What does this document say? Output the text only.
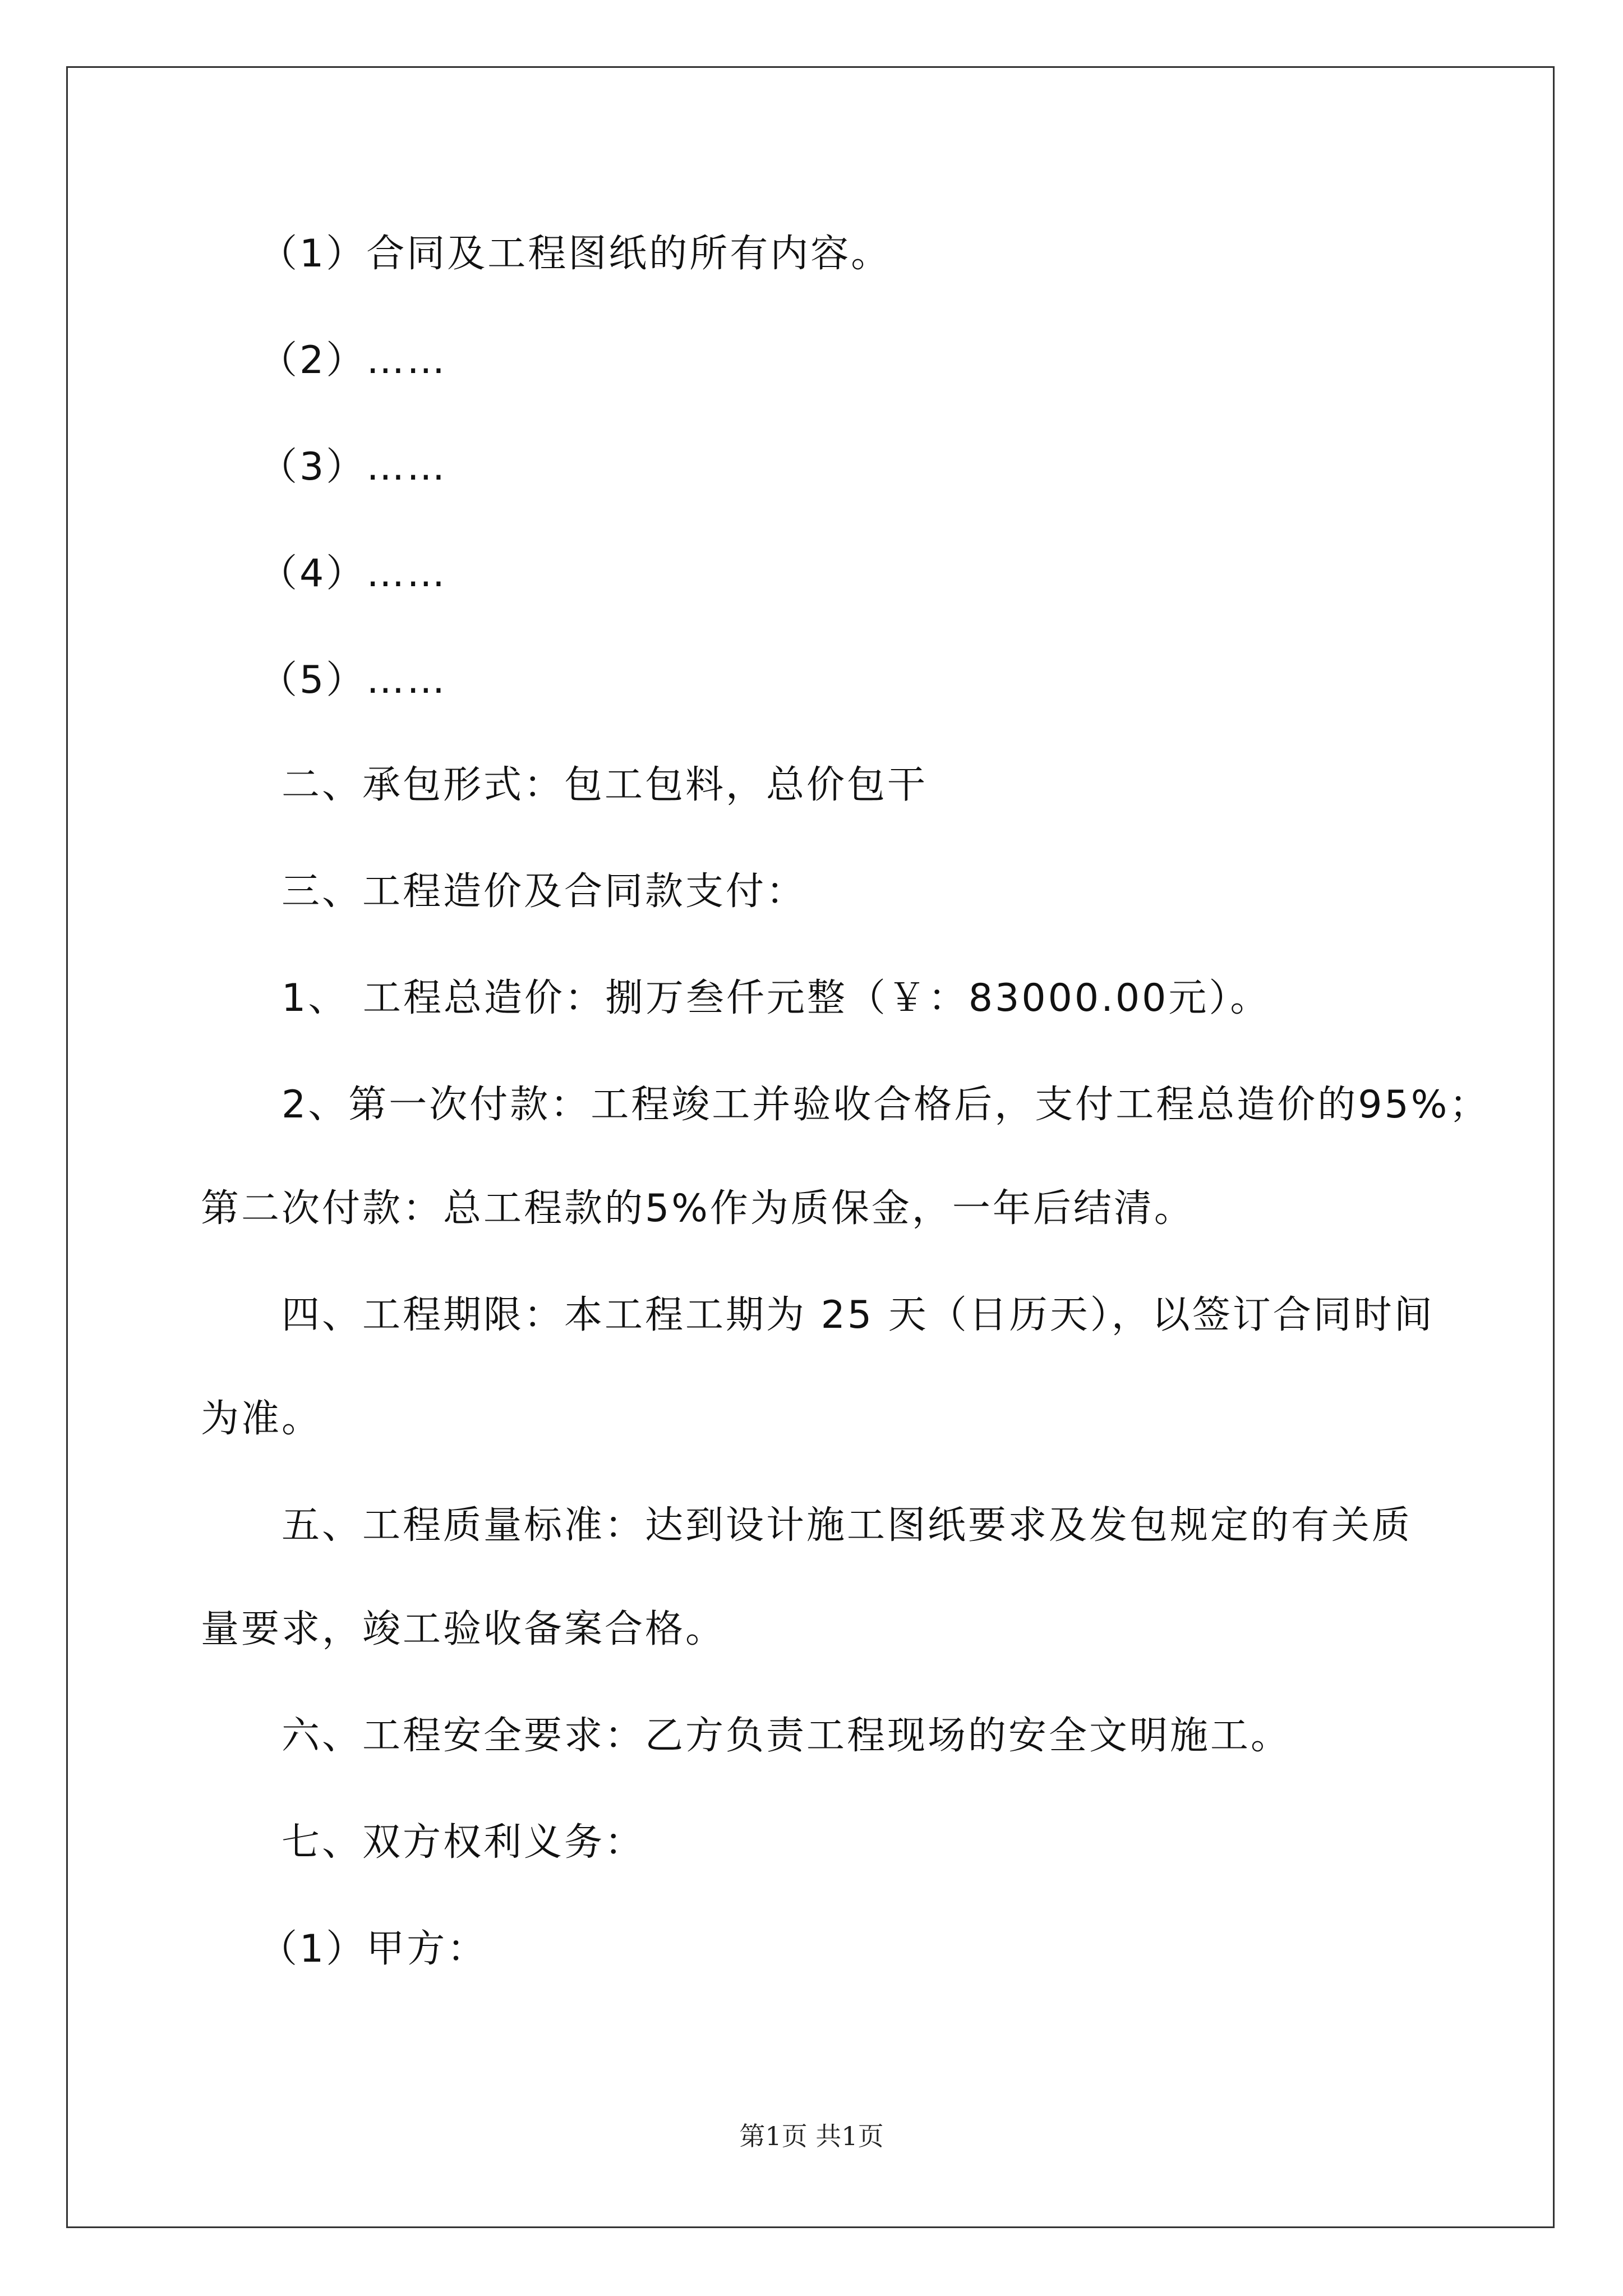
（1）合同及工程图纸的所有内容。
（2）……
（3）……
（4）……
（5）……
二、承包形式：包工包料，总价包干
三、工程造价及合同款支付：
1、 工程总造价：捌万叁仟元整（￥：83000.00元）。
2、第一次付款：工程竣工并验收合格后，支付工程总造价的95%；
第二次付款：总工程款的5%作为质保金，一年后结清。
四、工程期限：本工程工期为 25 天（日历天），以签订合同时间
为准。
五、工程质量标准：达到设计施工图纸要求及发包规定的有关质
量要求，竣工验收备案合格。
六、工程安全要求：乙方负责工程现场的安全文明施工。
七、双方权利义务：
（1）甲方：
第1页 共1页
